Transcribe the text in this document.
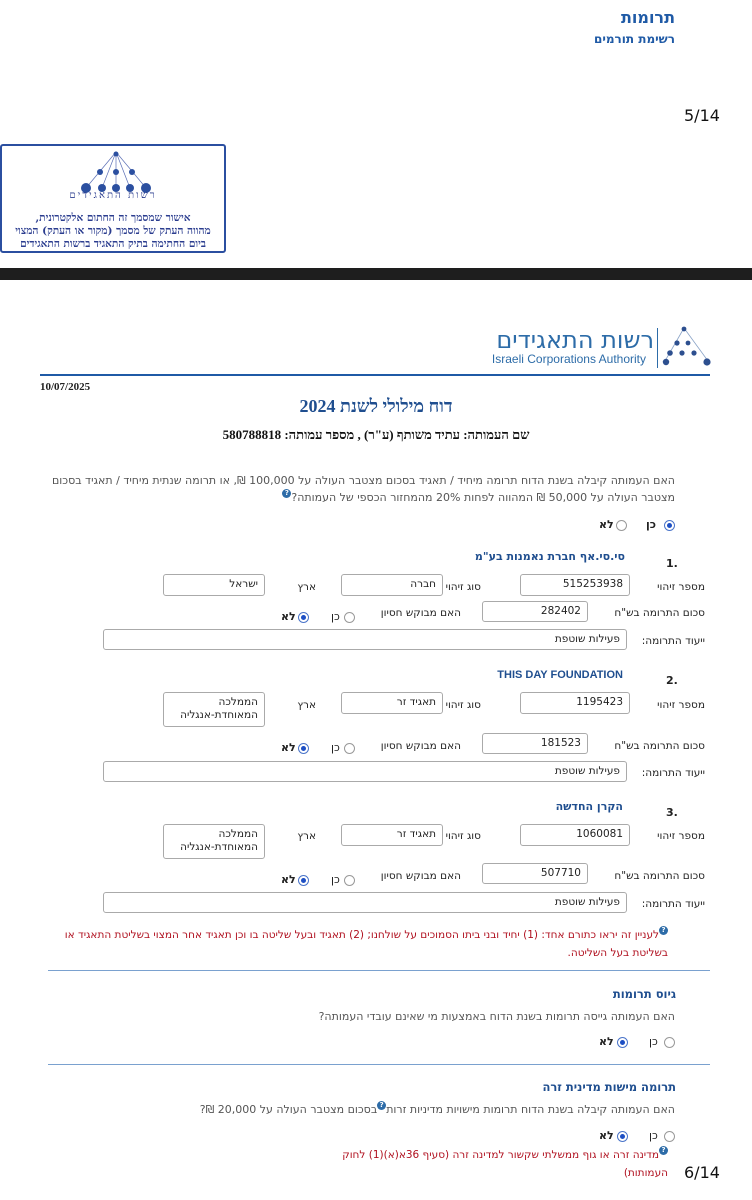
תרומות
רשימת תורמים
5/14
רשות התאגידים
אישור שמסמך זה החתום אלקטרונית,
מהווה העתק של מסמך (מקור או העתק) המצוי
ביום החתימה בתיק התאגיד ברשות התאגידים
רשות התאגידים
Israeli Corporations Authority
10/07/2025
דוח מילולי לשנת 2024
שם העמותה: עתיד משותף (ע"ר) , מספר עמותה: 580788818
האם העמותה קיבלה בשנת הדוח תרומה מיחיד / תאגיד בסכום מצטבר העולה על 100,000 ₪, או תרומה שנתית מיחיד / תאגיד בסכום מצטבר העולה על 50,000 ₪ המהווה לפחות 20% מהמחזור הכספי של העמותה??
כן
לא
1.
סי.סי.אף חברת נאמנות בע"מ
מספר זיהוי
515253938
סוג זיהוי
חברה
ארץ
ישראל
סכום התרומה בש"ח
282402
האם מבוקש חסיון
כן
לא
ייעוד התרומה:
פעילות שוטפת
2.
THIS DAY FOUNDATION
מספר זיהוי
1195423
סוג זיהוי
תאגיד זר
ארץ
הממלכה המאוחדת-אנגליה
סכום התרומה בש"ח
181523
האם מבוקש חסיון
כן
לא
ייעוד התרומה:
פעילות שוטפת
3.
הקרן החדשה
מספר זיהוי
1060081
סוג זיהוי
תאגיד זר
ארץ
הממלכה המאוחדת-אנגליה
סכום התרומה בש"ח
507710
האם מבוקש חסיון
כן
לא
ייעוד התרומה:
פעילות שוטפת
?לעניין זה יראו כתורם אחד: (1) יחיד ובני ביתו הסמוכים על שולחנו; (2) תאגיד ובעל שליטה בו וכן תאגיד אחר המצוי בשליטת התאגיד או בשליטת בעל השליטה.
גיוס תרומות
האם העמותה גייסה תרומות בשנת הדוח באמצעות מי שאינם עובדי העמותה?
כן
לא
תרומה מישות מדינית זרה
האם העמותה קיבלה בשנת הדוח תרומות מישויות מדיניות זרות?בסכום מצטבר העולה על 20,000 ₪?
כן
לא
?מדינה זרה או גוף ממשלתי שקשור למדינה זרה (סעיף 36א(א)(1) לחוק העמותות) 6/14
